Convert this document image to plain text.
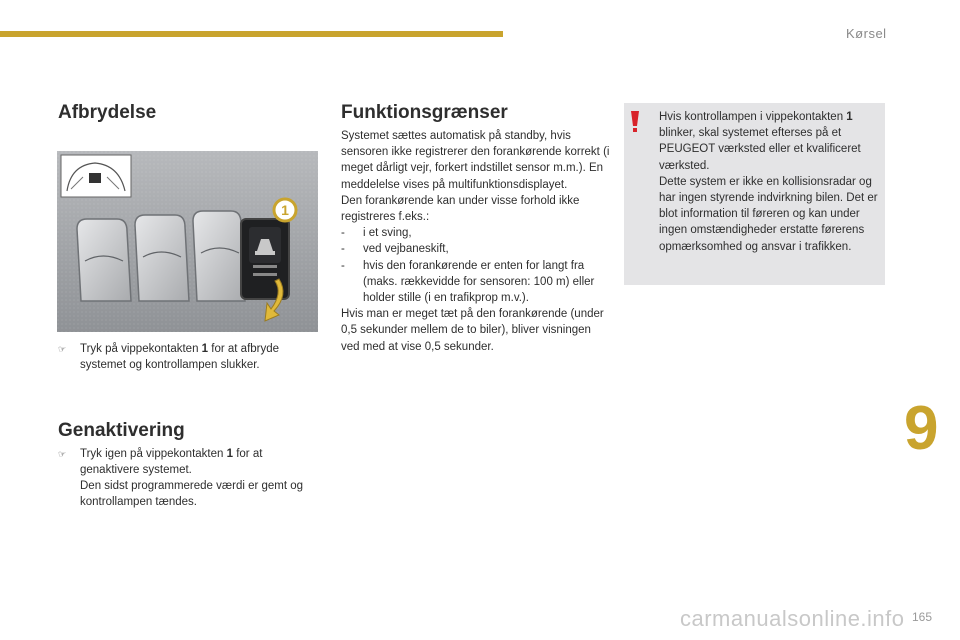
Kørsel
9
Afbrydelse
1
☞ Tryk på vippekontakten 1 for at afbryde systemet og kontrollampen slukker.
Genaktivering
☞ Tryk igen på vippekontakten 1 for at genaktivere systemet.
Den sidst programmerede værdi er gemt og kontrollampen tændes.
Funktionsgrænser

Systemet sættes automatisk på standby, hvis sensoren ikke registrerer den forankørende korrekt (i meget dårligt vejr, forkert indstillet sensor m.m.). En meddelelse vises på multifunktionsdisplayet.

Den forankørende kan under visse forhold ikke registreres f.eks.:

- i et sving,
- ved vejbaneskift,
- hvis den forankørende er enten for langt fra (maks. rækkevidde for sensoren: 100 m) eller holder stille (i en trafikprop m.v.).

Hvis man er meget tæt på den forankørende (under 0,5 sekunder mellem de to biler), bliver visningen ved med at vise 0,5 sekunder.

Hvis kontrollampen i vippekontakten 1 blinker, skal systemet efterses på et PEUGEOT værksted eller et kvalificeret værksted.

Dette system er ikke en kollisionsradar og har ingen styrende indvirkning bilen. Det er blot information til føreren og kan under ingen omstændigheder erstatte førerens opmærksomhed og ansvar i trafikken.

165
carmanualsonline.info
